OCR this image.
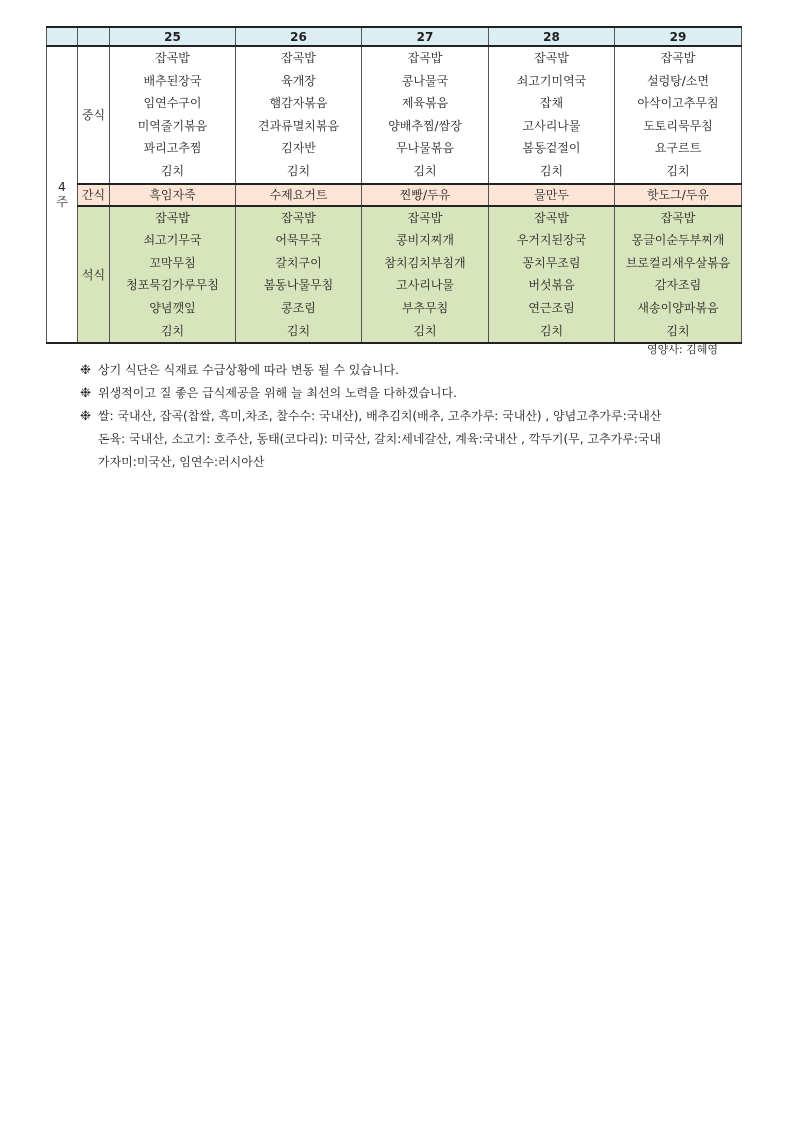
		25	26	27	28	29
4
주	중식	잡곡밥	잡곡밥	잡곡밥	잡곡밥	잡곡밥
		배추된장국	육개장	콩나물국	쇠고기미역국	설렁탕/소면
		임연수구이	햄감자볶음	제육볶음	잡채	아삭이고추무침
		미역줄기볶음	견과류멸치볶음	양배추찜/쌈장	고사리나물	도토리묵무침
		꽈리고추찜	김자반	무나물볶음	봄동겉절이	요구르트
		김치	김치	김치	김치	김치
	간식	흑임자죽	수제요거트	찐빵/두유	물만두	핫도그/두유
	석식	잡곡밥	잡곡밥	잡곡밥	잡곡밥	잡곡밥
		쇠고기무국	어묵무국	콩비지찌개	우거지된장국	몽글이순두부찌개
		꼬막무침	갈치구이	참치김치부침개	꽁치무조림	브로컬리새우살볶음
		청포묵김가루무침	봄동나물무침	고사리나물	버섯볶음	감자조림
		양념깻잎	콩조림	부추무침	연근조림	새송이양파볶음
		김치	김치	김치	김치	김치
영양사: 김혜영
❉ 상기 식단은 식재료 수급상황에 따라 변동 될 수 있습니다.
❉ 위생적이고 질 좋은 급식제공을 위해 늘 최선의 노력을 다하겠습니다.
❉ 쌀: 국내산, 잡곡(찹쌀, 흑미,차조, 찰수수: 국내산), 배추김치(배추, 고추가루: 국내산) , 양념고추가루:국내산
돈육: 국내산, 소고기: 호주산, 동태(코다리): 미국산, 갈치:세네갈산, 계육:국내산 , 깍두기(무, 고추가루:국내
가자미:미국산, 임연수:러시아산
